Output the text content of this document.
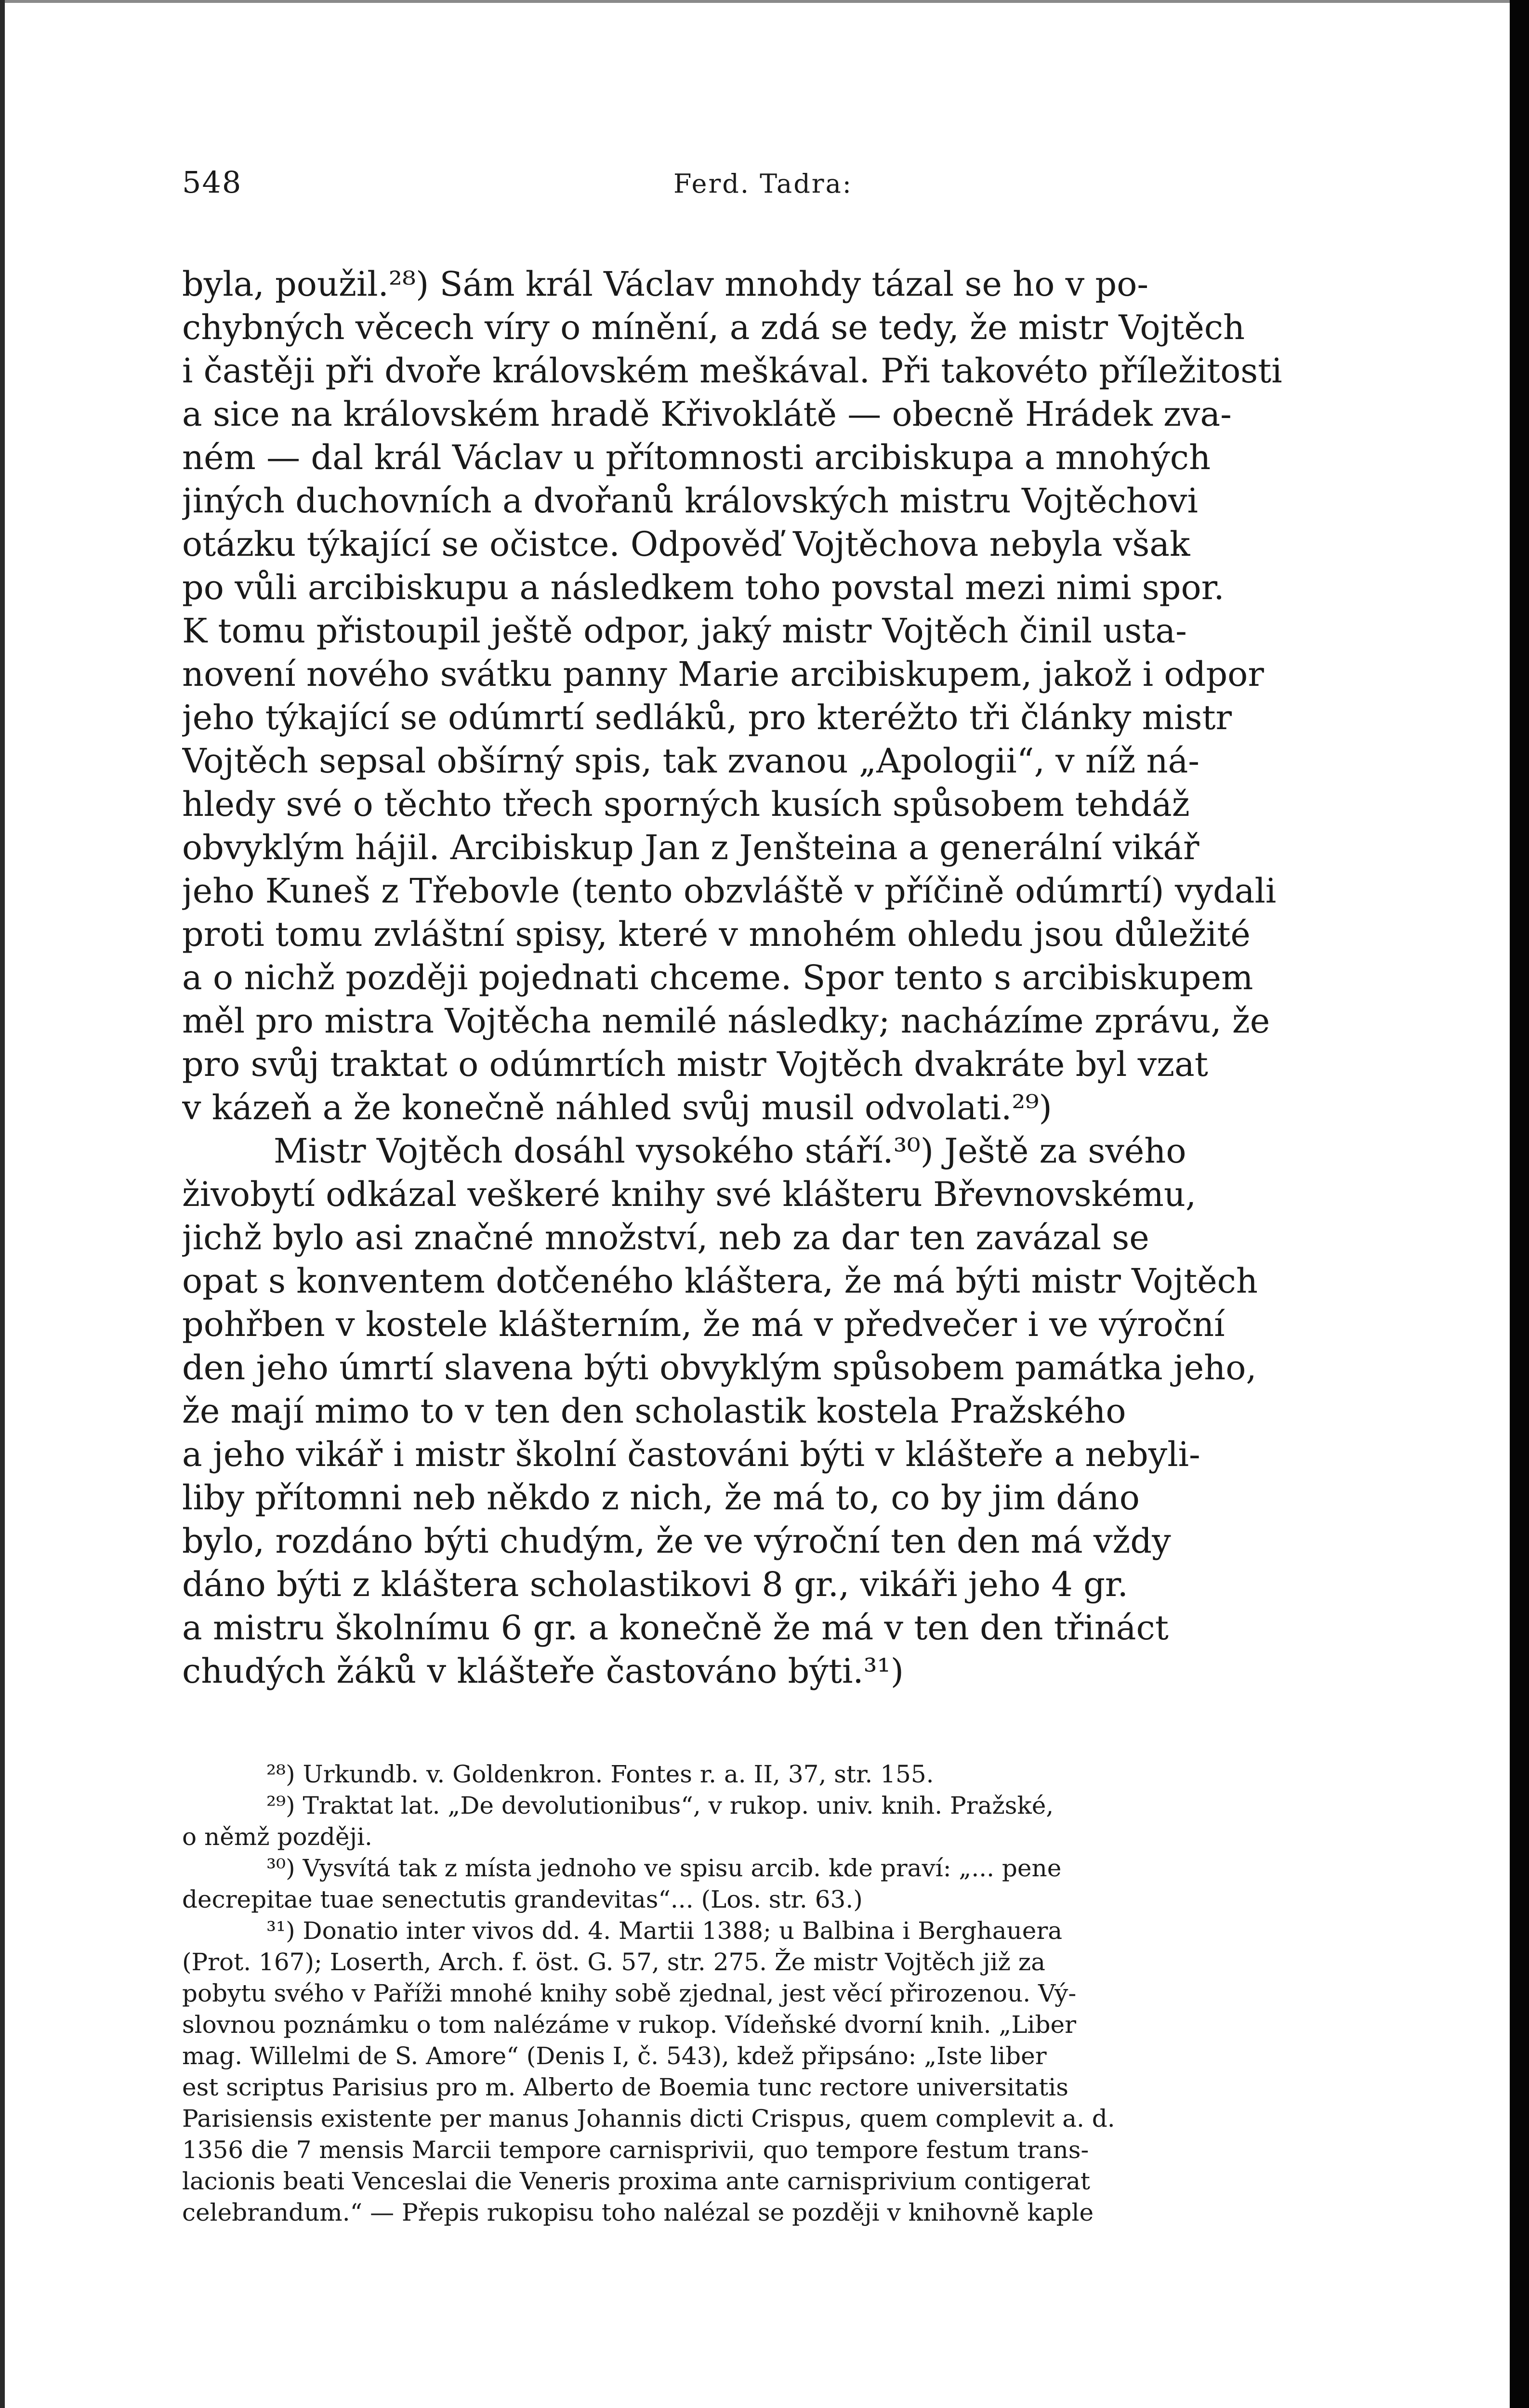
548	Ferd. Tadra:
byla, použil.²⁸) Sám král Václav mnohdy tázal se ho v po-
chybných věcech víry o mínění, a zdá se tedy, že mistr Vojtěch
i častěji při dvoře královském meškával. Při takovéto příležitosti
a sice na královském hradě Křivoklátě — obecně Hrádek zva-
ném — dal král Václav u přítomnosti arcibiskupa a mnohých
jiných duchovních a dvořanů královských mistru Vojtěchovi
otázku týkající se očistce. Odpověď Vojtěchova nebyla však
po vůli arcibiskupu a následkem toho povstal mezi nimi spor.
K tomu přistoupil ještě odpor, jaký mistr Vojtěch činil usta-
novení nového svátku panny Marie arcibiskupem, jakož i odpor
jeho týkající se odúmrtí sedláků, pro kteréžto tři články mistr
Vojtěch sepsal obšírný spis, tak zvanou „Apologii“, v níž ná-
hledy své o těchto třech sporných kusích spůsobem tehdáž
obvyklým hájil. Arcibiskup Jan z Jenšteina a generální vikář
jeho Kuneš z Třebovle (tento obzvláště v příčině odúmrtí) vydali
proti tomu zvláštní spisy, které v mnohém ohledu jsou důležité
a o nichž později pojednati chceme. Spor tento s arcibiskupem
měl pro mistra Vojtěcha nemilé následky; nacházíme zprávu, že
pro svůj traktat o odúmrtích mistr Vojtěch dvakráte byl vzat
v kázeň a že konečně náhled svůj musil odvolati.²⁹)
Mistr Vojtěch dosáhl vysokého stáří.³⁰) Ještě za svého
živobytí odkázal veškeré knihy své klášteru Břevnovskému,
jichž bylo asi značné množství, neb za dar ten zavázal se
opat s konventem dotčeného kláštera, že má býti mistr Vojtěch
pohřben v kostele klášterním, že má v předvečer i ve výroční
den jeho úmrtí slavena býti obvyklým spůsobem památka jeho,
že mají mimo to v ten den scholastik kostela Pražského
a jeho vikář i mistr školní častováni býti v klášteře a nebyli-
liby přítomni neb někdo z nich, že má to, co by jim dáno
bylo, rozdáno býti chudým, že ve výroční ten den má vždy
dáno býti z kláštera scholastikovi 8 gr., vikáři jeho 4 gr.
a mistru školnímu 6 gr. a konečně že má v ten den třináct
chudých žáků v klášteře častováno býti.³¹)
²⁸) Urkundb. v. Goldenkron. Fontes r. a. II, 37, str. 155.
²⁹) Traktat lat. „De devolutionibus“, v rukop. univ. knih. Pražské,
o němž později.
³⁰) Vysvítá tak z místa jednoho ve spisu arcib. kde praví: „... pene
decrepitae tuae senectutis grandevitas“... (Los. str. 63.)
³¹) Donatio inter vivos dd. 4. Martii 1388; u Balbina i Berghauera
(Prot. 167); Loserth, Arch. f. öst. G. 57, str. 275. Že mistr Vojtěch již za
pobytu svého v Paříži mnohé knihy sobě zjednal, jest věcí přirozenou. Vý-
slovnou poznámku o tom nalézáme v rukop. Vídeňské dvorní knih. „Liber
mag. Willelmi de S. Amore“ (Denis I, č. 543), kdež připsáno: „Iste liber
est scriptus Parisius pro m. Alberto de Boemia tunc rectore universitatis
Parisiensis existente per manus Johannis dicti Crispus, quem complevit a. d.
1356 die 7 mensis Marcii tempore carnisprivii, quo tempore festum trans-
lacionis beati Venceslai die Veneris proxima ante carnisprivium contigerat
celebrandum.“ — Přepis rukopisu toho nalézal se později v knihovně kaple
